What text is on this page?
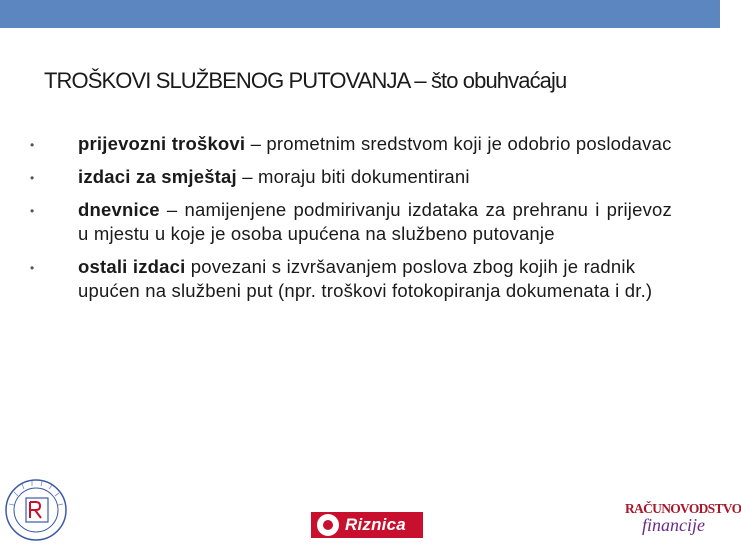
TROŠKOVI SLUŽBENOG PUTOVANJA – što obuhvaćaju
• prijevozni troškovi – prometnim sredstvom koji je odobrio poslodavac
• izdaci za smještaj – moraju biti dokumentirani
• dnevnice – namijenjene podmirivanju izdataka za prehranu i prijevoz u mjestu u koje je osoba upućena na službeno putovanje
• ostali izdaci povezani s izvršavanjem poslova zbog kojih je radnik upućen na službeni put (npr. troškovi fotokopiranja dokumenata i dr.)
Riznica
RAČUNOVODSTVO
financije
